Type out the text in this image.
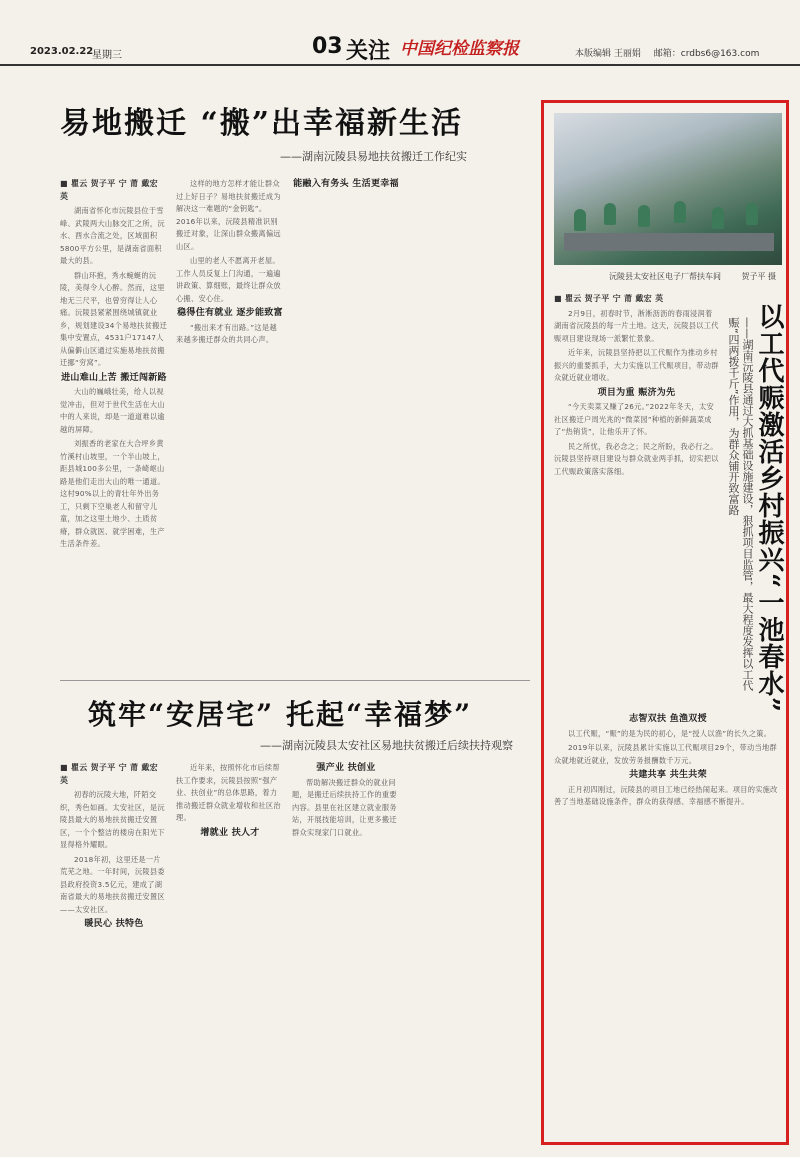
2023.02.22
星期三	03 关注 中国纪检监察报	本版编辑 王丽娟 邮箱：crdbs6@163.com
易地搬迁 “搬”出幸福新生活
——湖南沅陵县易地扶贫搬迁工作纪实

■ 瞿云 贺子平 宁 莆 戴宏 英

湖南省怀化市沅陵县位于雪峰、武陵两大山脉交汇之所，沅水、酉水合流之处，区域面积5800平方公里，是湖南省面积最大的县。

群山环抱，秀水蜿蜒的沅陵，美得令人心醉。然而，这里地无三尺平，也曾穷得让人心痛。沅陵县紧紧围绕城镇就业乡，规划建设34个易地扶贫搬迁集中安置点，4531户17147人从偏僻山区通过实施易地扶贫搬迁挪“穷窝”。

进山难山上苦 搬迁闯新路

大山的巍峨壮美，给人以视觉冲击，但对于世代生活在大山中的人来说，却是一道道难以逾越的屏障。

刘振香的老家在大合坪乡黄竹溪村山坡里，一个半山坡上，距县城100多公里，一条崎岖山路是他们走出大山的唯一通道。这村90%以上的青壮年外出务工，只剩下空巢老人和留守儿童，加之这里土地少、土质贫瘠，群众就医、就学困难，生产生活条件差。

这样的地方怎样才能让群众过上好日子？易地扶贫搬迁成为解决这一难题的“金钥匙”。2016年以来，沅陵县精准识别搬迁对象，让深山群众搬离偏远山区。

山里的老人不愿离开老屋。工作人员反复上门沟通，一遍遍讲政策、算细账，最终让群众放心搬、安心住。

稳得住有就业 逐步能致富

“搬出来才有出路。”这是越来越多搬迁群众的共同心声。

能融入有务头 生活更幸福

筑牢“安居宅” 托起“幸福梦”
——湖南沅陵县太安社区易地扶贫搬迁后续扶持观察

■ 瞿云 贺子平 宁 莆 戴宏 英

初春的沅陵大地，阡陌交织，秀色如画。太安社区，是沅陵县最大的易地扶贫搬迁安置区，一个个整洁的楼房在阳光下显得格外耀眼。

2018年初，这里还是一片荒芜之地。一年时间，沅陵县委县政府投资3.5亿元，建成了湖南省最大的易地扶贫搬迁安置区——太安社区。

暖民心 扶特色

近年来，按照怀化市后续帮扶工作要求，沅陵县按照“强产业、扶创业”的总体思路，着力推动搬迁群众就业增收和社区治理。

增就业 扶人才

强产业 扶创业

帮助解决搬迁群众的就业问题，是搬迁后续扶持工作的重要内容。县里在社区建立就业服务站，开展技能培训，让更多搬迁群众实现家门口就业。

沅陵县太安社区电子厂帮扶车间	贺子平 摄
以工代赈激活乡村振兴“一池春水”
——湖南沅陵县通过大抓基础设施建设，狠抓项目监管，最大程度发挥以工代赈“四两拨千斤”作用，为群众铺开致富路

■ 瞿云 贺子平 宁 莆 戴宏 英

2月9日，初春时节，淅淅沥沥的春雨浸润着湖南省沅陵县的每一片土地。这天，沅陵县以工代赈项目建设现场一派繁忙景象。

近年来，沅陵县坚持把以工代赈作为推动乡村振兴的重要抓手，大力实施以工代赈项目，带动群众就近就业增收。

项目为重 赈济为先

“今天卖菜又赚了26元。”2022年冬天，太安社区搬迁户周光兆的“微菜园”种植的新鲜蔬菜成了“热销货”，让他乐开了怀。

民之所忧，我必念之；民之所盼，我必行之。沅陵县坚持项目建设与群众就业两手抓，切实把以工代赈政策落实落细。

志智双扶 鱼渔双授

以工代赈，“赈”的是为民的初心，是“授人以渔”的长久之策。

2019年以来，沅陵县累计实施以工代赈项目29个，带动当地群众就地就近就业，发放劳务报酬数千万元。

共建共享 共生共荣

正月初四刚过，沅陵县的项目工地已经热闹起来。项目的实施改善了当地基础设施条件，群众的获得感、幸福感不断提升。
